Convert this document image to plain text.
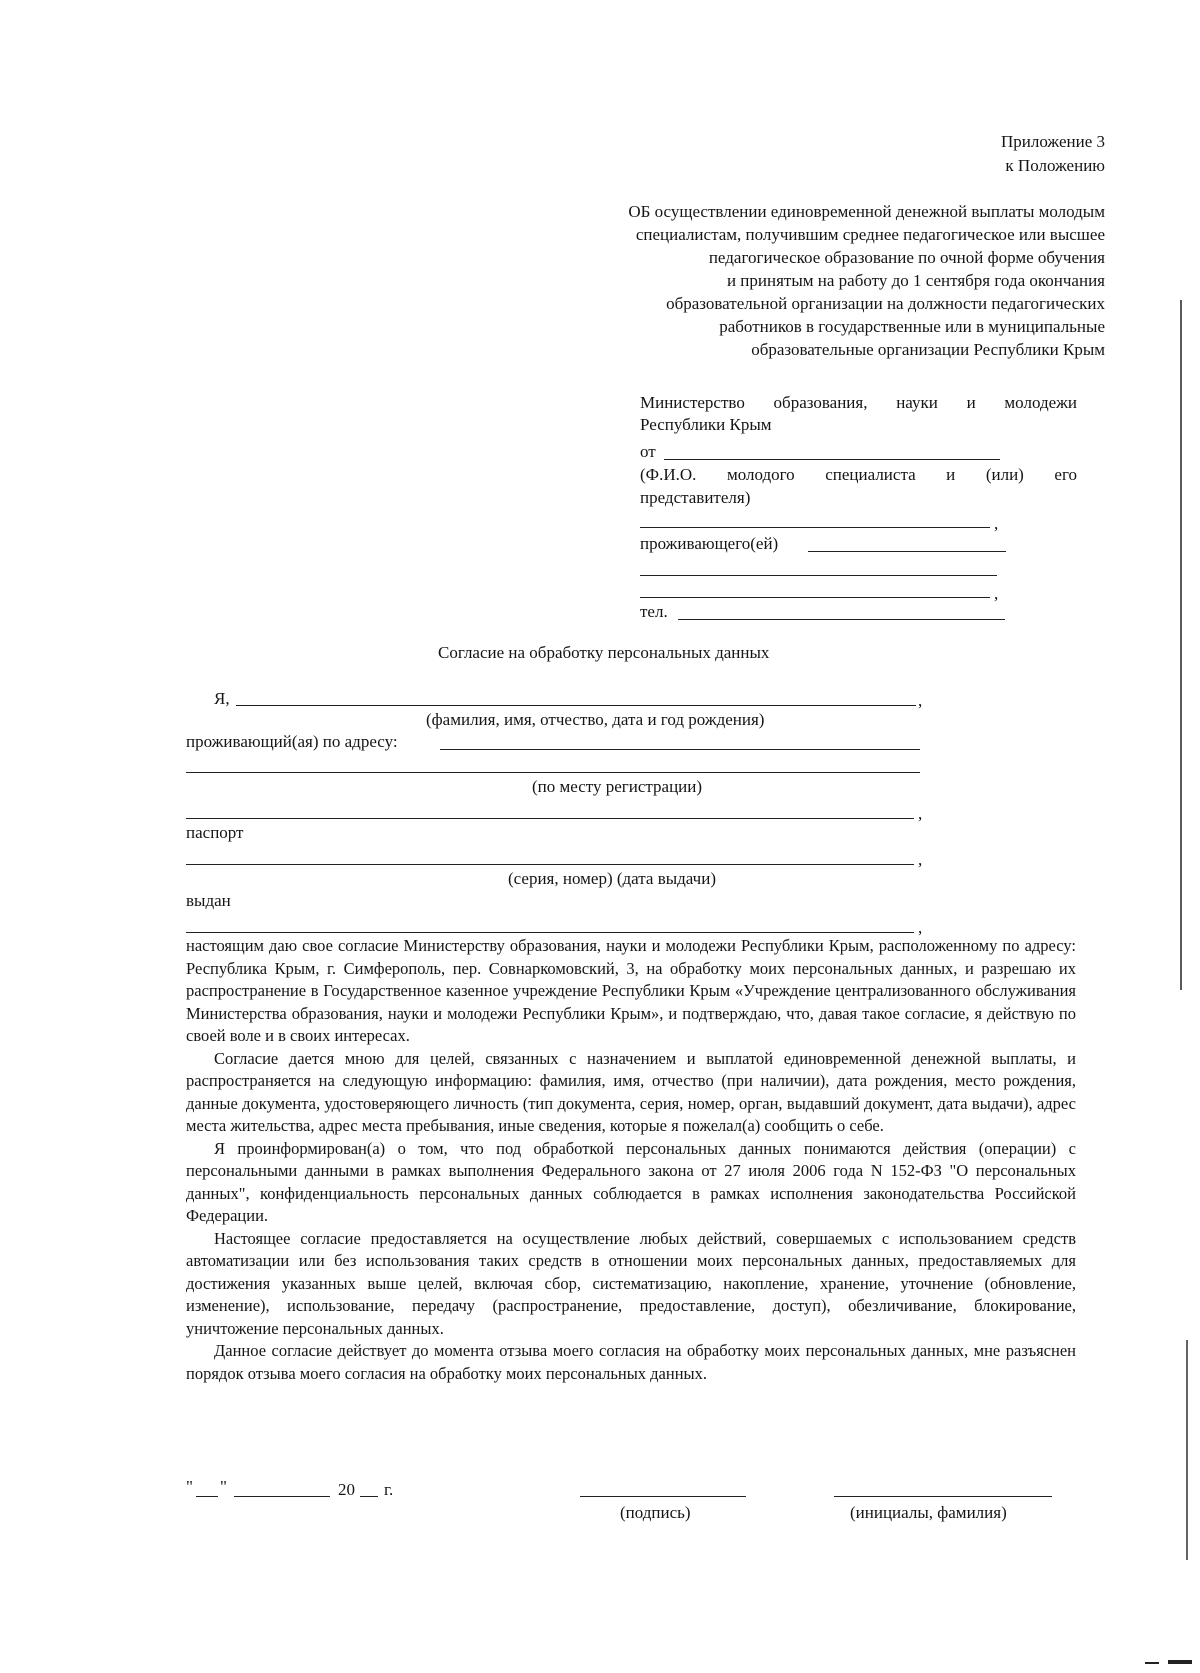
Приложение 3
к Положению
ОБ осуществлении единовременной денежной выплаты молодым
специалистам, получившим среднее педагогическое или высшее
педагогическое образование по очной форме обучения
и принятым на работу до 1 сентября года окончания
образовательной организации на должности педагогических
работников в государственные или в муниципальные
образовательные организации Республики Крым
Министерство образования, науки и молодежи
Республики Крым
от
(Ф.И.О. молодого специалиста и (или) его
представителя)
,
проживающего(ей)
,
тел.
Согласие на обработку персональных данных
Я,	,
(фамилия, имя, отчество, дата и год рождения)
проживающий(ая) по адресу:
(по месту регистрации)
,
паспорт
,
(серия, номер) (дата выдачи)
выдан
,

настоящим даю свое согласие Министерству образования, науки и молодежи Республики Крым, расположенному по адресу: Республика Крым, г. Симферополь, пер. Совнаркомовский, 3, на обработку моих персональных данных, и разрешаю их распространение в Государственное казенное учреждение Республики Крым «Учреждение централизованного обслуживания Министерства образования, науки и молодежи Республики Крым», и подтверждаю, что, давая такое согласие, я действую по своей воле и в своих интересах.

Согласие дается мною для целей, связанных с назначением и выплатой единовременной денежной выплаты, и распространяется на следующую информацию: фамилия, имя, отчество (при наличии), дата рождения, место рождения, данные документа, удостоверяющего личность (тип документа, серия, номер, орган, выдавший документ, дата выдачи), адрес места жительства, адрес места пребывания, иные сведения, которые я пожелал(а) сообщить о себе.

Я проинформирован(а) о том, что под обработкой персональных данных понимаются действия (операции) с персональными данными в рамках выполнения Федерального закона от 27 июля 2006 года N 152-ФЗ "О персональных данных", конфиденциальность персональных данных соблюдается в рамках исполнения законодательства Российской Федерации.

Настоящее согласие предоставляется на осуществление любых действий, совершаемых с использованием средств автоматизации или без использования таких средств в отношении моих персональных данных, предоставляемых для достижения указанных выше целей, включая сбор, систематизацию, накопление, хранение, уточнение (обновление, изменение), использование, передачу (распространение, предоставление, доступ), обезличивание, блокирование, уничтожение персональных данных.

Данное согласие действует до момента отзыва моего согласия на обработку моих персональных данных, мне разъяснен порядок отзыва моего согласия на обработку моих персональных данных.

" "	20 г.
(подпись)	(инициалы, фамилия)
